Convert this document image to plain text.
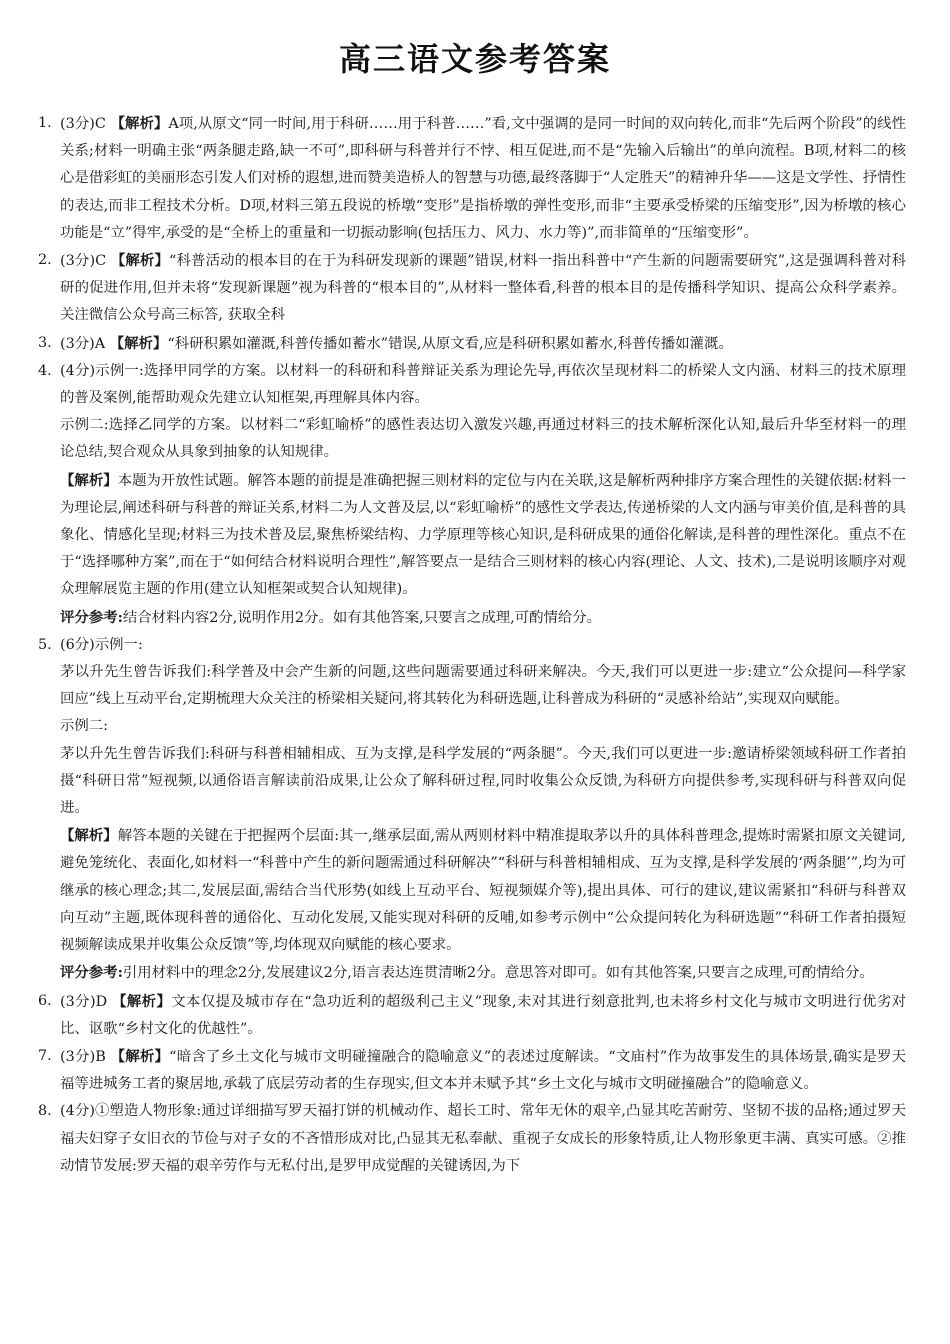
高三语文参考答案
1. (3分)C 【解析】A项,从原文“同一时间,用于科研……用于科普……”看,文中强调的是同一时间的双向转化,而非“先后两个阶段”的线性关系;材料一明确主张“两条腿走路,缺一不可”,即科研与科普并行不悖、相互促进,而不是“先输入后输出”的单向流程。B项,材料二的核心是借彩虹的美丽形态引发人们对桥的遐想,进而赞美造桥人的智慧与功德,最终落脚于“人定胜天”的精神升华——这是文学性、抒情性的表达,而非工程技术分析。D项,材料三第五段说的桥墩“变形”是指桥墩的弹性变形,而非“主要承受桥梁的压缩变形”,因为桥墩的核心功能是“立”得牢,承受的是“全桥上的重量和一切振动影响(包括压力、风力、水力等)”,而非简单的“压缩变形”。

2. (3分)C 【解析】“科普活动的根本目的在于为科研发现新的课题”错误,材料一指出科普中“产生新的问题需要研究”,这是强调科普对科研的促进作用,但并未将“发现新课题”视为科普的“根本目的”,从材料一整体看,科普的根本目的是传播科学知识、提高公众科学素养。关注微信公众号高三标答, 获取全科

3. (3分)A 【解析】“科研积累如灌溉,科普传播如蓄水”错误,从原文看,应是科研积累如蓄水,科普传播如灌溉。

4. (4分)示例一:选择甲同学的方案。以材料一的科研和科普辩证关系为理论先导,再依次呈现材料二的桥梁人文内涵、材料三的技术原理的普及案例,能帮助观众先建立认知框架,再理解具体内容。

示例二:选择乙同学的方案。以材料二“彩虹喻桥”的感性表达切入激发兴趣,再通过材料三的技术解析深化认知,最后升华至材料一的理论总结,契合观众从具象到抽象的认知规律。

【解析】本题为开放性试题。解答本题的前提是准确把握三则材料的定位与内在关联,这是解析两种排序方案合理性的关键依据:材料一为理论层,阐述科研与科普的辩证关系,材料二为人文普及层,以“彩虹喻桥”的感性文学表达,传递桥梁的人文内涵与审美价值,是科普的具象化、情感化呈现;材料三为技术普及层,聚焦桥梁结构、力学原理等核心知识,是科研成果的通俗化解读,是科普的理性深化。重点不在于“选择哪种方案”,而在于“如何结合材料说明合理性”,解答要点一是结合三则材料的核心内容(理论、人文、技术),二是说明该顺序对观众理解展览主题的作用(建立认知框架或契合认知规律)。

评分参考:结合材料内容2分,说明作用2分。如有其他答案,只要言之成理,可酌情给分。

5. (6分)示例一:

茅以升先生曾告诉我们:科学普及中会产生新的问题,这些问题需要通过科研来解决。今天,我们可以更进一步:建立“公众提问—科学家回应”线上互动平台,定期梳理大众关注的桥梁相关疑问,将其转化为科研选题,让科普成为科研的“灵感补给站”,实现双向赋能。

示例二:

茅以升先生曾告诉我们:科研与科普相辅相成、互为支撑,是科学发展的“两条腿”。今天,我们可以更进一步:邀请桥梁领域科研工作者拍摄“科研日常”短视频,以通俗语言解读前沿成果,让公众了解科研过程,同时收集公众反馈,为科研方向提供参考,实现科研与科普双向促进。

【解析】解答本题的关键在于把握两个层面:其一,继承层面,需从两则材料中精准提取茅以升的具体科普理念,提炼时需紧扣原文关键词,避免笼统化、表面化,如材料一“科普中产生的新问题需通过科研解决”“科研与科普相辅相成、互为支撑,是科学发展的‘两条腿’”,均为可继承的核心理念;其二,发展层面,需结合当代形势(如线上互动平台、短视频媒介等),提出具体、可行的建议,建议需紧扣“科研与科普双向互动”主题,既体现科普的通俗化、互动化发展,又能实现对科研的反哺,如参考示例中“公众提问转化为科研选题”“科研工作者拍摄短视频解读成果并收集公众反馈”等,均体现双向赋能的核心要求。

评分参考:引用材料中的理念2分,发展建议2分,语言表达连贯清晰2分。意思答对即可。如有其他答案,只要言之成理,可酌情给分。

6. (3分)D 【解析】文本仅提及城市存在“急功近利的超级利己主义”现象,未对其进行刻意批判,也未将乡村文化与城市文明进行优劣对比、讴歌“乡村文化的优越性”。

7. (3分)B 【解析】“暗含了乡土文化与城市文明碰撞融合的隐喻意义”的表述过度解读。“文庙村”作为故事发生的具体场景,确实是罗天福等进城务工者的聚居地,承载了底层劳动者的生存现实,但文本并未赋予其“乡土文化与城市文明碰撞融合”的隐喻意义。

8. (4分)①塑造人物形象:通过详细描写罗天福打饼的机械动作、超长工时、常年无休的艰辛,凸显其吃苦耐劳、坚韧不拔的品格;通过罗天福夫妇穿子女旧衣的节俭与对子女的不吝惜形成对比,凸显其无私奉献、重视子女成长的形象特质,让人物形象更丰满、真实可感。②推动情节发展:罗天福的艰辛劳作与无私付出,是罗甲成觉醒的关键诱因,为下
